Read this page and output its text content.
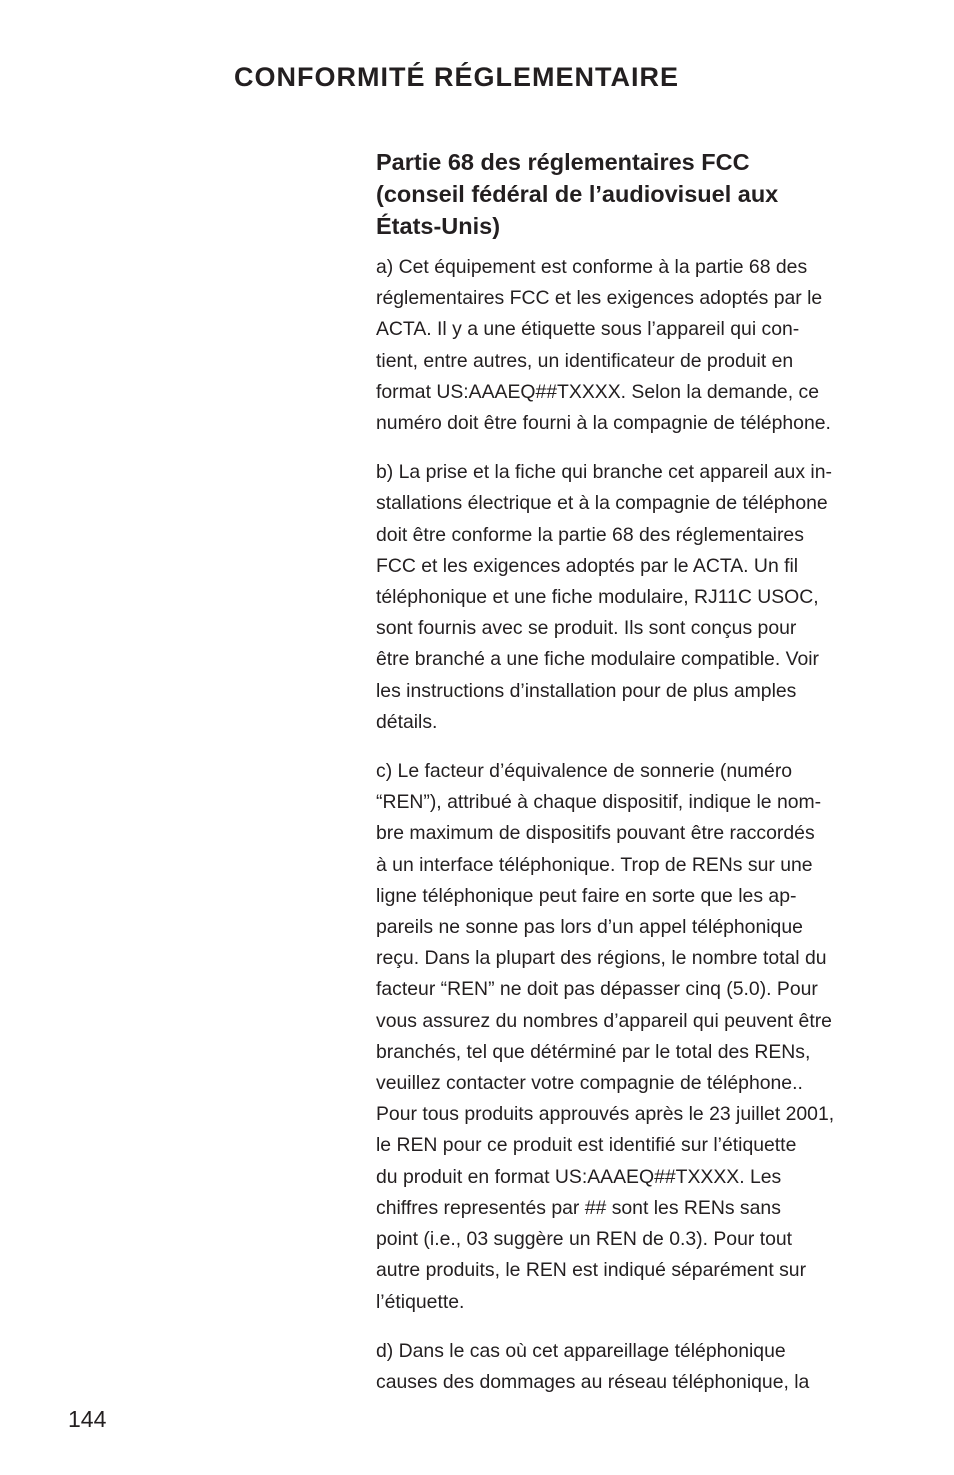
CONFORMITÉ RÉGLEMENTAIRE
Partie 68 des réglementaires FCC
(conseil fédéral de l’audiovisuel aux
États-Unis)

a) Cet équipement est conforme à la partie 68 des
réglementaires FCC et les exigences adoptés par le
ACTA. Il y a une étiquette sous l’appareil qui con-
tient, entre autres, un identificateur de produit en
format US:AAAEQ##TXXXX. Selon la demande, ce
numéro doit être fourni à la compagnie de téléphone.

b) La prise et la fiche qui branche cet appareil aux in-
stallations électrique et à la compagnie de téléphone
doit être conforme la partie 68 des réglementaires
FCC et les exigences adoptés par le ACTA. Un fil
téléphonique et une fiche modulaire, RJ11C USOC,
sont fournis avec se produit. Ils sont conçus pour
être branché a une fiche modulaire compatible. Voir
les instructions d’installation pour de plus amples
détails.

c) Le facteur d’équivalence de sonnerie (numéro
“REN”), attribué à chaque dispositif, indique le nom-
bre maximum de dispositifs pouvant être raccordés
à un interface téléphonique. Trop de RENs sur une
ligne téléphonique peut faire en sorte que les ap-
pareils ne sonne pas lors d’un appel téléphonique
reçu. Dans la plupart des régions, le nombre total du
facteur “REN” ne doit pas dépasser cinq (5.0). Pour
vous assurez du nombres d’appareil qui peuvent être
branchés, tel que détérminé par le total des RENs,
veuillez contacter votre compagnie de téléphone..
Pour tous produits approuvés après le 23 juillet 2001,
le REN pour ce produit est identifié sur l’étiquette
du produit en format US:AAAEQ##TXXXX. Les
chiffres representés par ## sont les RENs sans
point (i.e., 03 suggère un REN de 0.3). Pour tout
autre produits, le REN est indiqué séparément sur
l’étiquette.

d) Dans le cas où cet appareillage téléphonique
causes des dommages au réseau téléphonique, la

144
